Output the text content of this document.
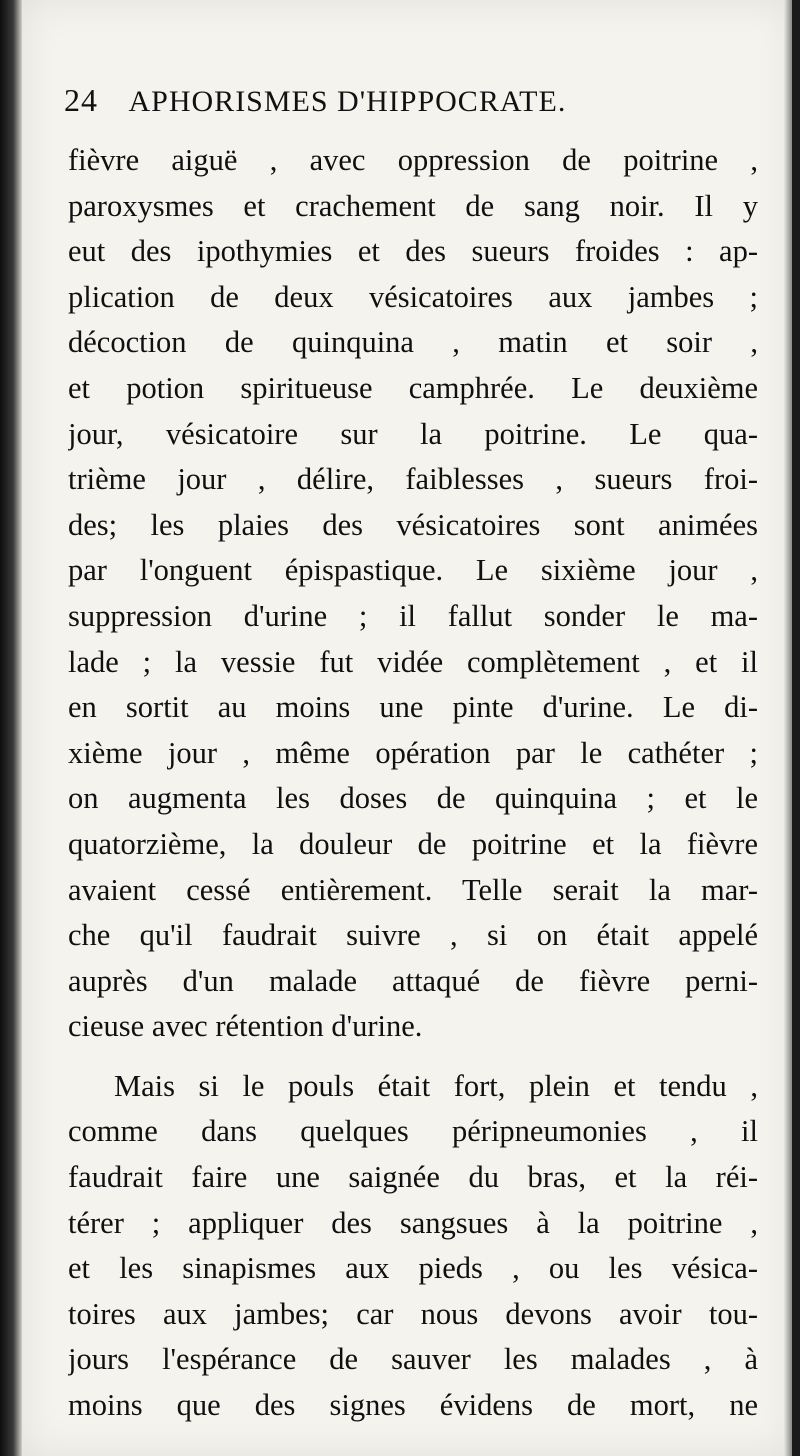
24 APHORISMES D'HIPPOCRATE.
fièvre aiguë , avec oppression de poitrine ,
paroxysmes et crachement de sang noir. Il y
eut des ipothymies et des sueurs froides : ap-
plication de deux vésicatoires aux jambes ;
décoction de quinquina , matin et soir ,
et potion spiritueuse camphrée. Le deuxième
jour, vésicatoire sur la poitrine. Le qua-
trième jour , délire, faiblesses , sueurs froi-
des; les plaies des vésicatoires sont animées
par l'onguent épispastique. Le sixième jour ,
suppression d'urine ; il fallut sonder le ma-
lade ; la vessie fut vidée complètement , et il
en sortit au moins une pinte d'urine. Le di-
xième jour , même opération par le cathéter ;
on augmenta les doses de quinquina ; et le
quatorzième, la douleur de poitrine et la fièvre
avaient cessé entièrement. Telle serait la mar-
che qu'il faudrait suivre , si on était appelé
auprès d'un malade attaqué de fièvre perni-
cieuse avec rétention d'urine.
Mais si le pouls était fort, plein et tendu ,
comme dans quelques péripneumonies , il
faudrait faire une saignée du bras, et la réi-
térer ; appliquer des sangsues à la poitrine ,
et les sinapismes aux pieds , ou les vésica-
toires aux jambes; car nous devons avoir tou-
jours l'espérance de sauver les malades , à
moins que des signes évidens de mort, ne
